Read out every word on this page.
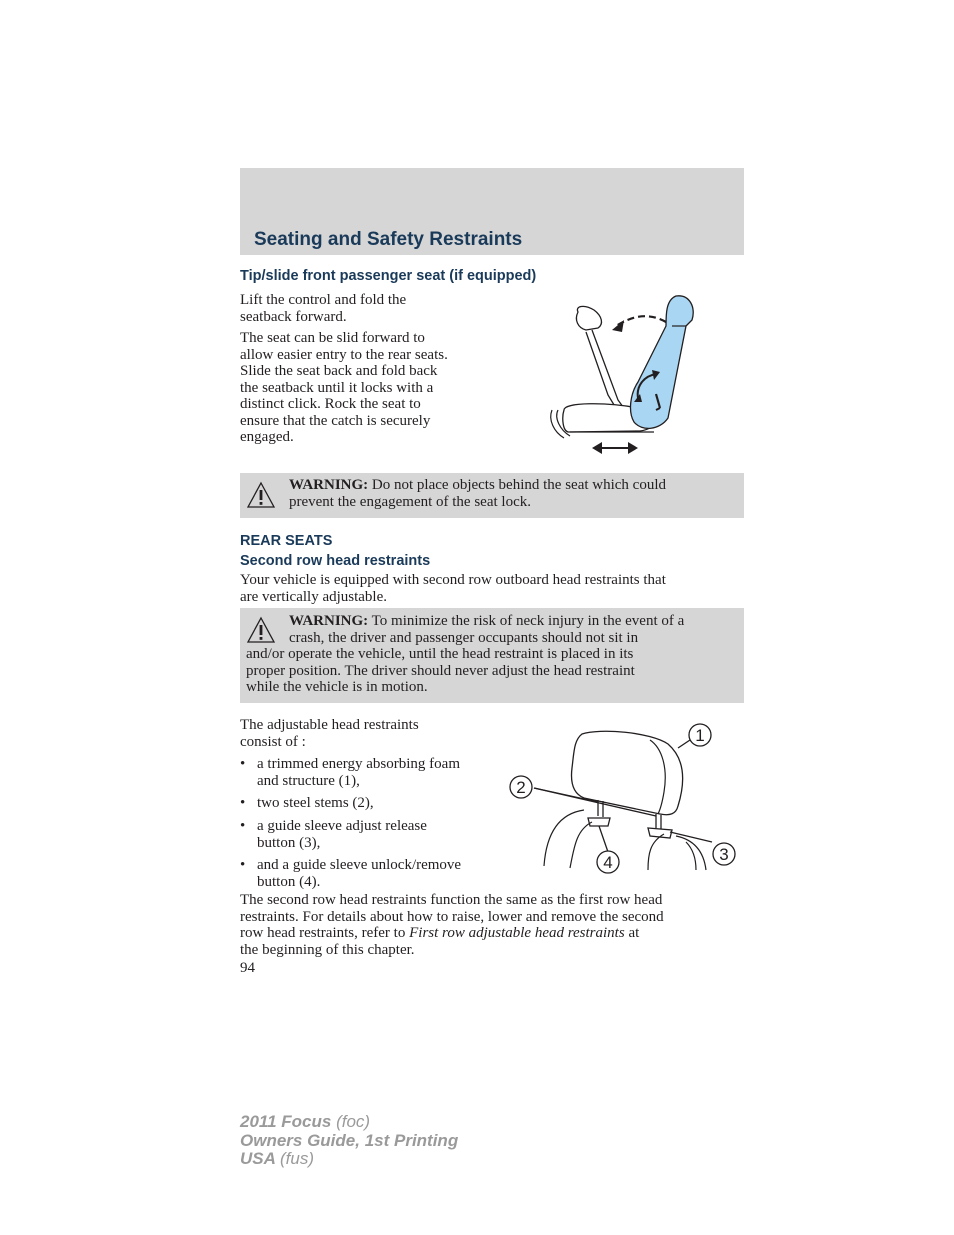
Seating and Safety Restraints
Tip/slide front passenger seat (if equipped)
Lift the control and fold the
seatback forward.
The seat can be slid forward to
allow easier entry to the rear seats.
Slide the seat back and fold back
the seatback until it locks with a
distinct click. Rock the seat to
ensure that the catch is securely
engaged.
WARNING: Do not place objects behind the seat which could
prevent the engagement of the seat lock.
REAR SEATS
Second row head restraints
Your vehicle is equipped with second row outboard head restraints that
are vertically adjustable.
WARNING: To minimize the risk of neck injury in the event of a
crash, the driver and passenger occupants should not sit in
and/or operate the vehicle, until the head restraint is placed in its
proper position. The driver should never adjust the head restraint
while the vehicle is in motion.
The adjustable head restraints
consist of :
• a trimmed energy absorbing foam
and structure (1),
• two steel stems (2),
• a guide sleeve adjust release
button (3),
• and a guide sleeve unlock/remove
button (4).
1
2
3
4
The second row head restraints function the same as the first row head
restraints. For details about how to raise, lower and remove the second
row head restraints, refer to First row adjustable head restraints at
the beginning of this chapter.
94
2011 Focus (foc)
Owners Guide, 1st Printing
USA (fus)
